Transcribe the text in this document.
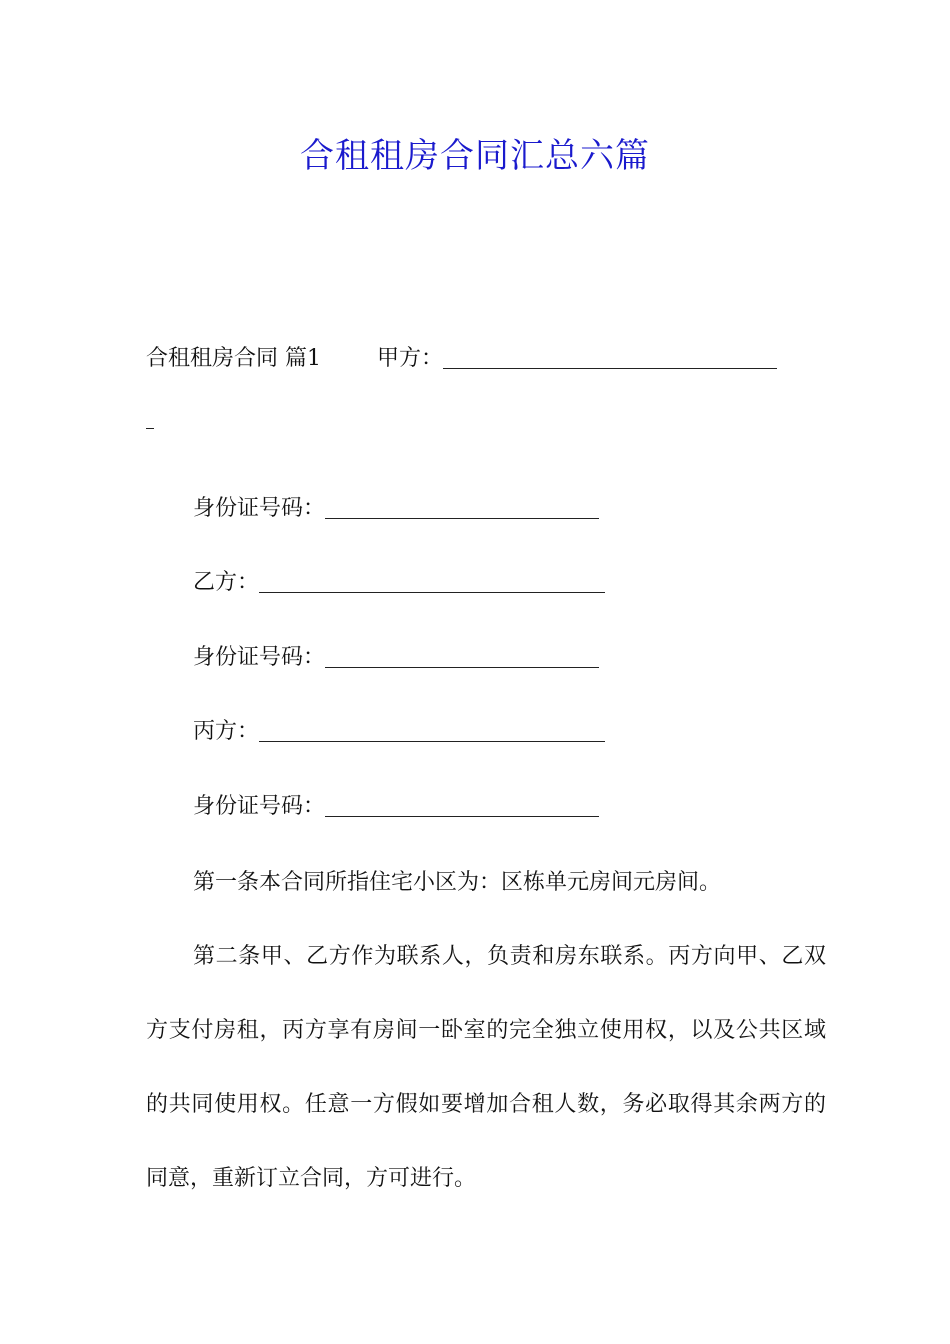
合租租房合同汇总六篇
合租租房合同 篇1	甲方：
身份证号码：
乙方：
身份证号码：
丙方：
身份证号码：

第一条本合同所指住宅小区为：区栋单元房间元房间。

第二条甲、乙方作为联系人，负责和房东联系。丙方向甲、乙双方支付房租，丙方享有房间一卧室的完全独立使用权，以及公共区域的共同使用权。任意一方假如要增加合租人数，务必取得其余两方的同意，重新订立合同，方可进行。
